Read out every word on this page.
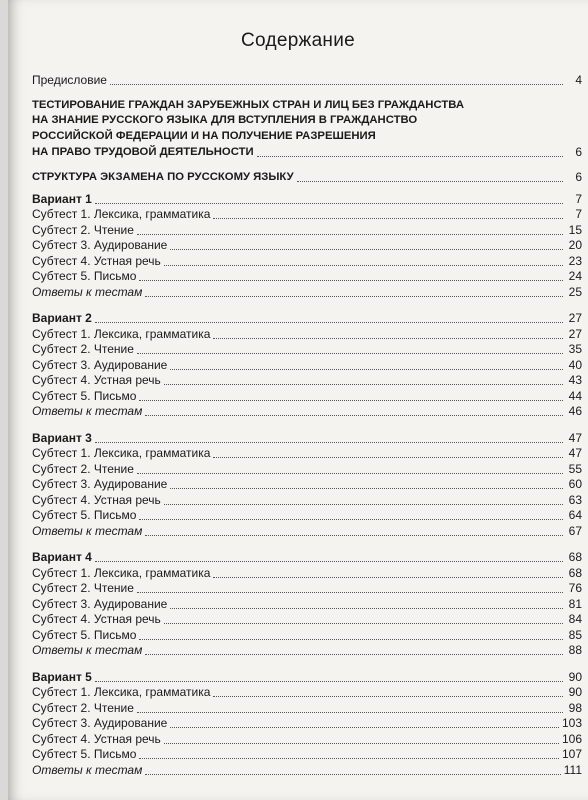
Содержание
Предисловие	4
ТЕСТИРОВАНИЕ ГРАЖДАН ЗАРУБЕЖНЫХ СТРАН И ЛИЦ БЕЗ ГРАЖДАНСТВА
НА ЗНАНИЕ РУССКОГО ЯЗЫКА ДЛЯ ВСТУПЛЕНИЯ В ГРАЖДАНСТВО
РОССИЙСКОЙ ФЕДЕРАЦИИ И НА ПОЛУЧЕНИЕ РАЗРЕШЕНИЯ
НА ПРАВО ТРУДОВОЙ ДЕЯТЕЛЬНОСТИ	6
СТРУКТУРА ЭКЗАМЕНА ПО РУССКОМУ ЯЗЫКУ	6
Вариант 1	7
Субтест 1. Лексика, грамматика	7
Субтест 2. Чтение	15
Субтест 3. Аудирование	20
Субтест 4. Устная речь	23
Субтест 5. Письмо	24
Ответы к тестам	25
Вариант 2	27
Субтест 1. Лексика, грамматика	27
Субтест 2. Чтение	35
Субтест 3. Аудирование	40
Субтест 4. Устная речь	43
Субтест 5. Письмо	44
Ответы к тестам	46
Вариант 3	47
Субтест 1. Лексика, грамматика	47
Субтест 2. Чтение	55
Субтест 3. Аудирование	60
Субтест 4. Устная речь	63
Субтест 5. Письмо	64
Ответы к тестам	67
Вариант 4	68
Субтест 1. Лексика, грамматика	68
Субтест 2. Чтение	76
Субтест 3. Аудирование	81
Субтест 4. Устная речь	84
Субтест 5. Письмо	85
Ответы к тестам	88
Вариант 5	90
Субтест 1. Лексика, грамматика	90
Субтест 2. Чтение	98
Субтест 3. Аудирование	103
Субтест 4. Устная речь	106
Субтест 5. Письмо	107
Ответы к тестам	111
